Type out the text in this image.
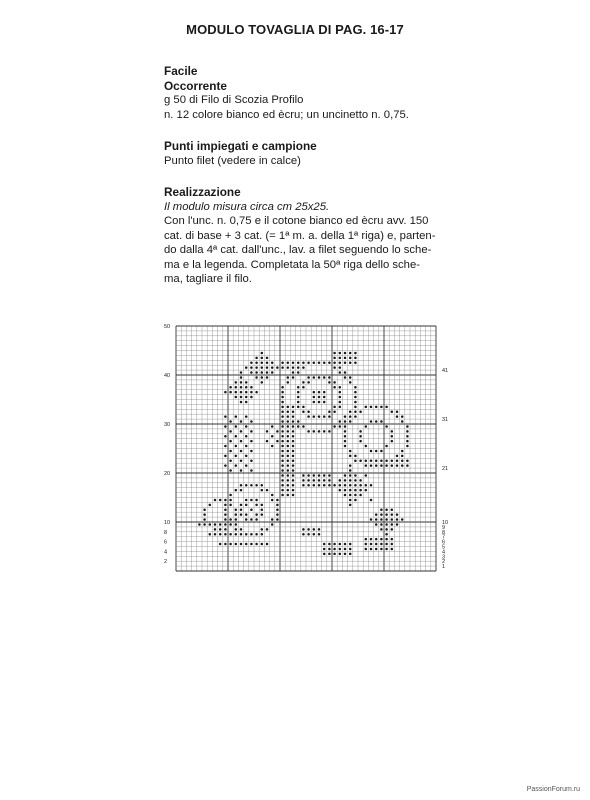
MODULO TOVAGLIA DI PAG. 16-17
Facile
Occorrente

g 50 di Filo di Scozia Profilo

n. 12 colore bianco ed ècru; un uncinetto n. 0,75.

Punti impiegati e campione

Punto filet (vedere in calce)

Realizzazione

Il modulo misura circa cm 25x25.

Con l'unc. n. 0,75 e il cotone bianco ed ècru avv. 150

cat. di base + 3 cat. (= 1ª m. a. della 1ª riga) e, parten-

do dalla 4ª cat. dall'unc., lav. a filet seguendo lo sche-

ma e la legenda. Completata la 50ª riga dello sche-

ma, tagliare il filo.

50
40
30
20
10
8
6
4
2
41
31
21
10
9
8
7
6
5
4
3
2
1
PassionForum.ru
